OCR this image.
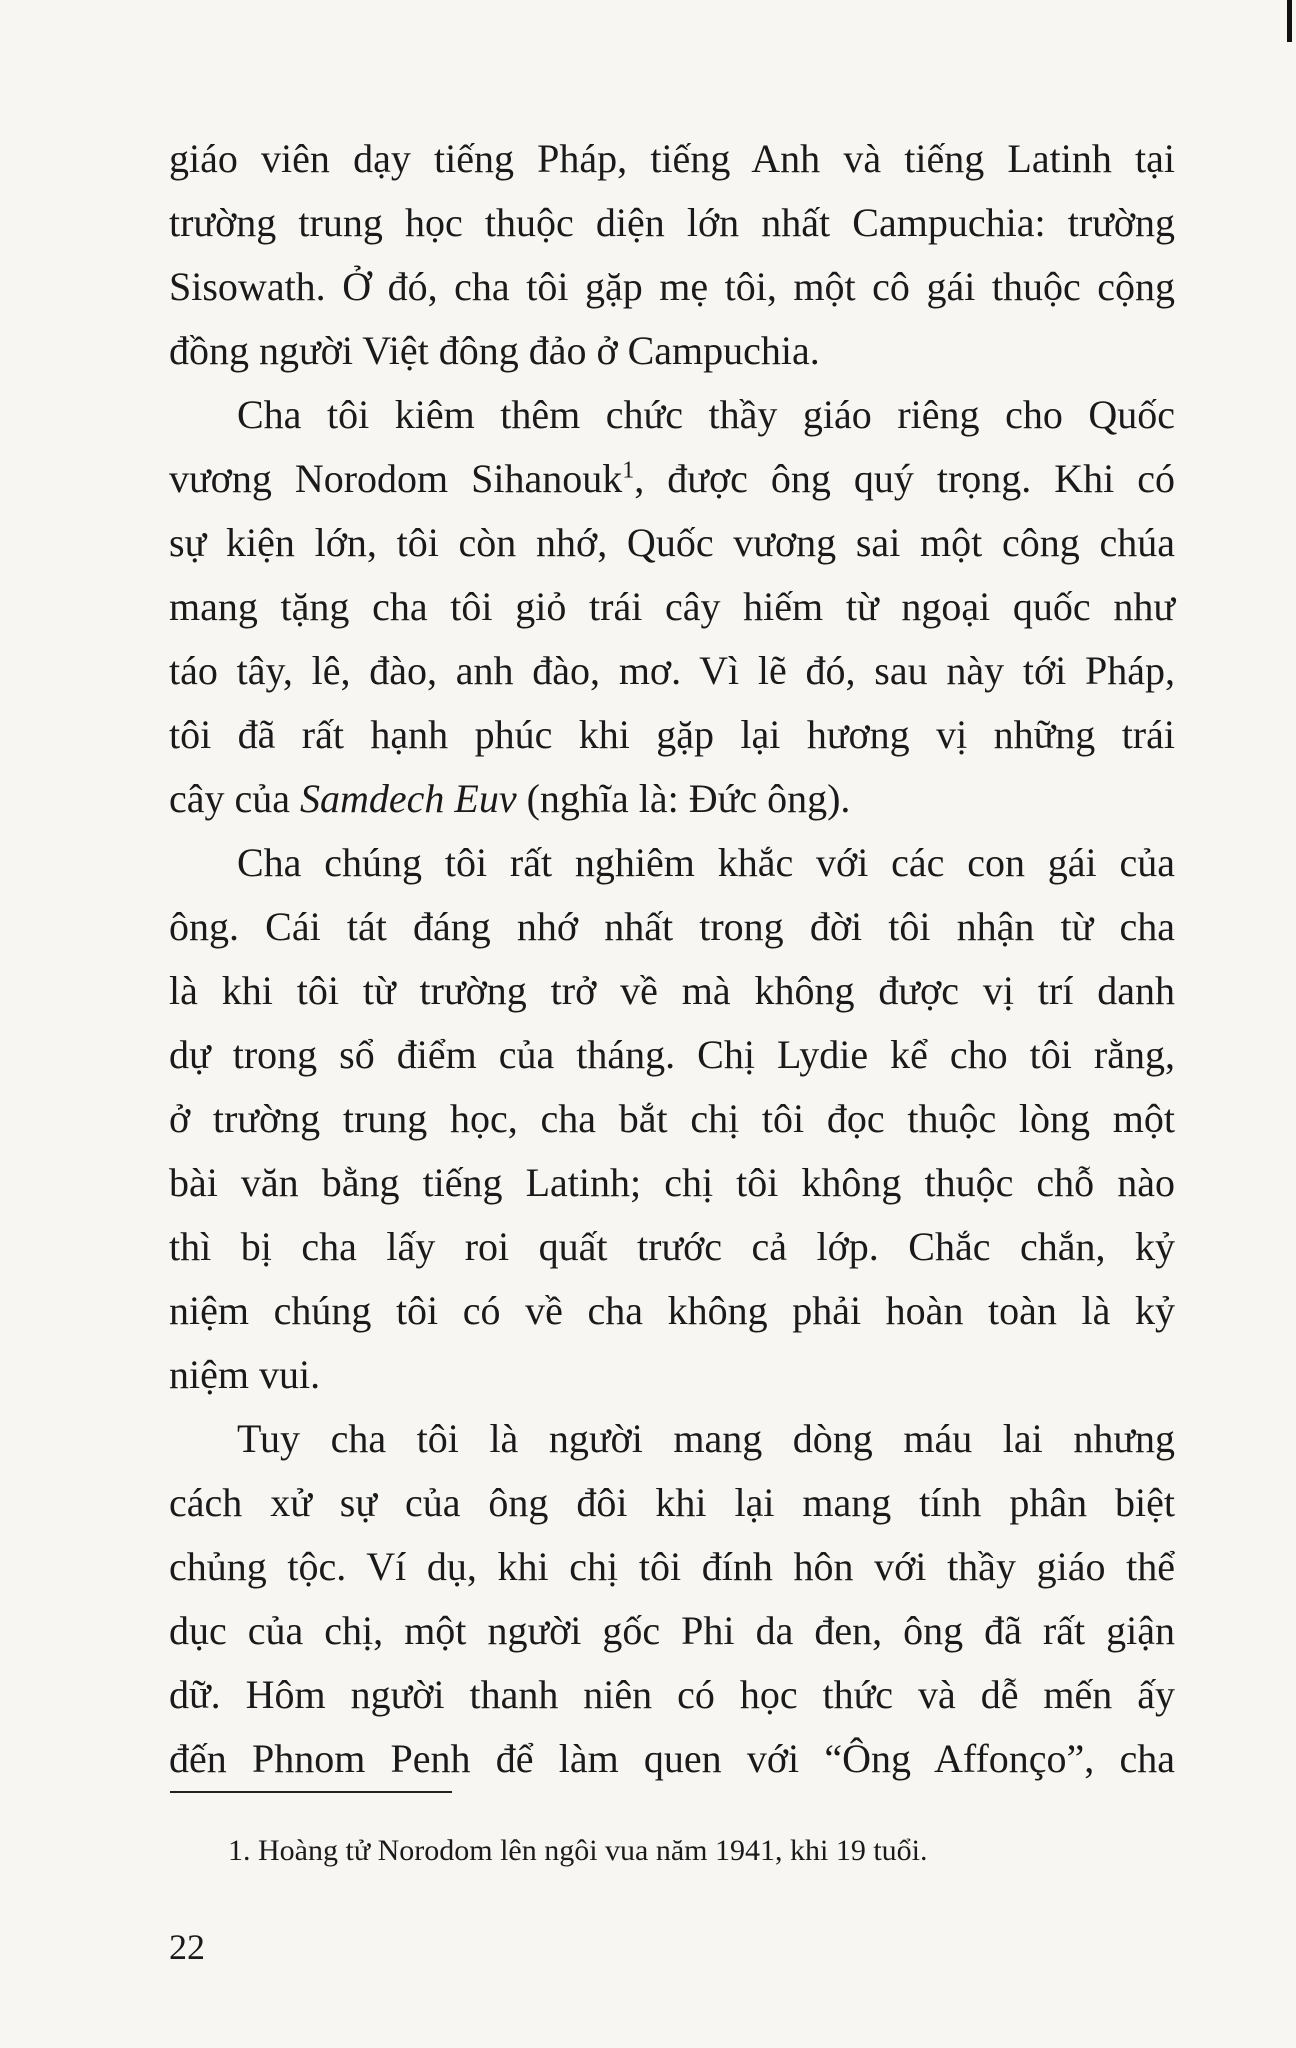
giáo viên dạy tiếng Pháp, tiếng Anh và tiếng Latinh tại
trường trung học thuộc diện lớn nhất Campuchia: trường
Sisowath. Ở đó, cha tôi gặp mẹ tôi, một cô gái thuộc cộng
đồng người Việt đông đảo ở Campuchia.
Cha tôi kiêm thêm chức thầy giáo riêng cho Quốc
vương Norodom Sihanouk$^1$, được ông quý trọng. Khi có
sự kiện lớn, tôi còn nhớ, Quốc vương sai một công chúa
mang tặng cha tôi giỏ trái cây hiếm từ ngoại quốc như
táo tây, lê, đào, anh đào, mơ. Vì lẽ đó, sau này tới Pháp,
tôi đã rất hạnh phúc khi gặp lại hương vị những trái
cây của Samdech Euv (nghĩa là: Đức ông).
Cha chúng tôi rất nghiêm khắc với các con gái của
ông. Cái tát đáng nhớ nhất trong đời tôi nhận từ cha
là khi tôi từ trường trở về mà không được vị trí danh
dự trong sổ điểm của tháng. Chị Lydie kể cho tôi rằng,
ở trường trung học, cha bắt chị tôi đọc thuộc lòng một
bài văn bằng tiếng Latinh; chị tôi không thuộc chỗ nào
thì bị cha lấy roi quất trước cả lớp. Chắc chắn, kỷ
niệm chúng tôi có về cha không phải hoàn toàn là kỷ
niệm vui.
Tuy cha tôi là người mang dòng máu lai nhưng
cách xử sự của ông đôi khi lại mang tính phân biệt
chủng tộc. Ví dụ, khi chị tôi đính hôn với thầy giáo thể
dục của chị, một người gốc Phi da đen, ông đã rất giận
dữ. Hôm người thanh niên có học thức và dễ mến ấy
đến Phnom Penh để làm quen với “Ông Affonço”, cha
1. Hoàng tử Norodom lên ngôi vua năm 1941, khi 19 tuổi.
22
